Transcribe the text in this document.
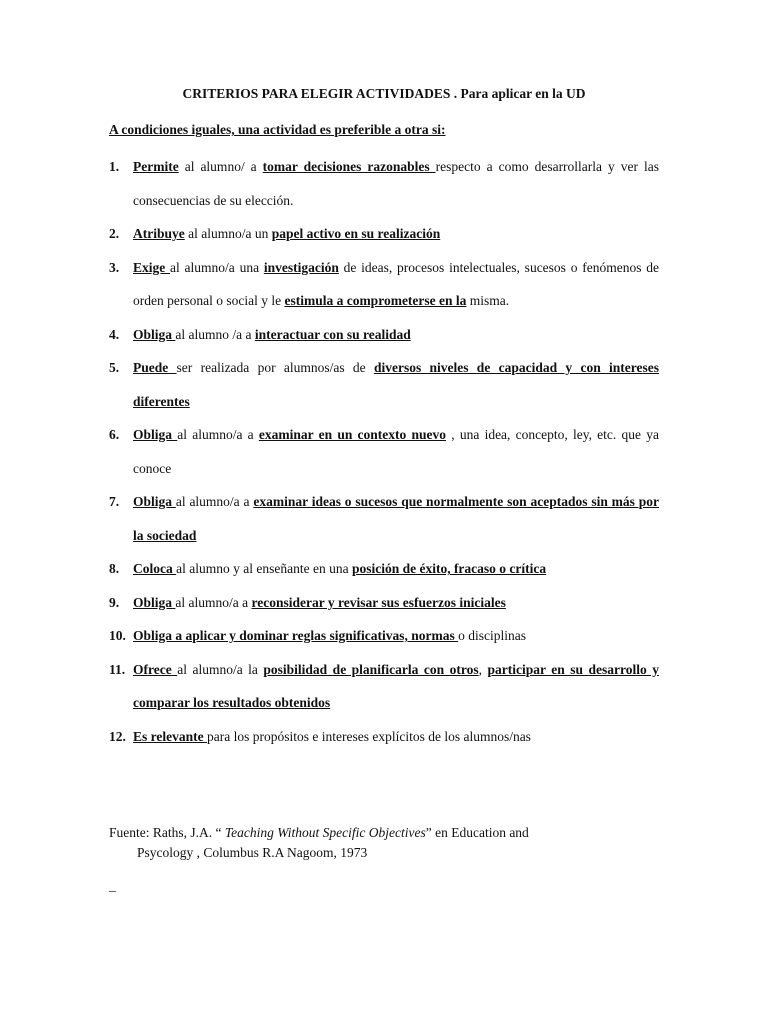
CRITERIOS PARA ELEGIR ACTIVIDADES . Para aplicar en la UD
A condiciones iguales, una actividad es preferible a otra si:
1. Permite al alumno/ a tomar decisiones razonables respecto a como desarrollarla y ver las consecuencias de su elección.
2. Atribuye al alumno/a un papel activo en su realización
3. Exige al alumno/a una investigación de ideas, procesos intelectuales, sucesos o fenómenos de orden personal o social y le estimula a comprometerse en la misma.
4. Obliga al alumno /a a interactuar con su realidad
5. Puede ser realizada por alumnos/as de diversos niveles de capacidad y con intereses diferentes
6. Obliga al alumno/a a examinar en un contexto nuevo , una idea, concepto, ley, etc. que ya conoce
7. Obliga al alumno/a a examinar ideas o sucesos que normalmente son aceptados sin más por la sociedad
8. Coloca al alumno y al enseñante en una posición de éxito, fracaso o crítica
9. Obliga al alumno/a a reconsiderar y revisar sus esfuerzos iniciales
10. Obliga a aplicar y dominar reglas significativas, normas o disciplinas
11. Ofrece al alumno/a la posibilidad de planificarla con otros, participar en su desarrollo y comparar los resultados obtenidos
12. Es relevante para los propósitos e intereses explícitos de los alumnos/nas
Fuente: Raths, J.A. “ Teaching Without Specific Objectives” en Education and
Psycology , Columbus R.A Nagoom, 1973
_
